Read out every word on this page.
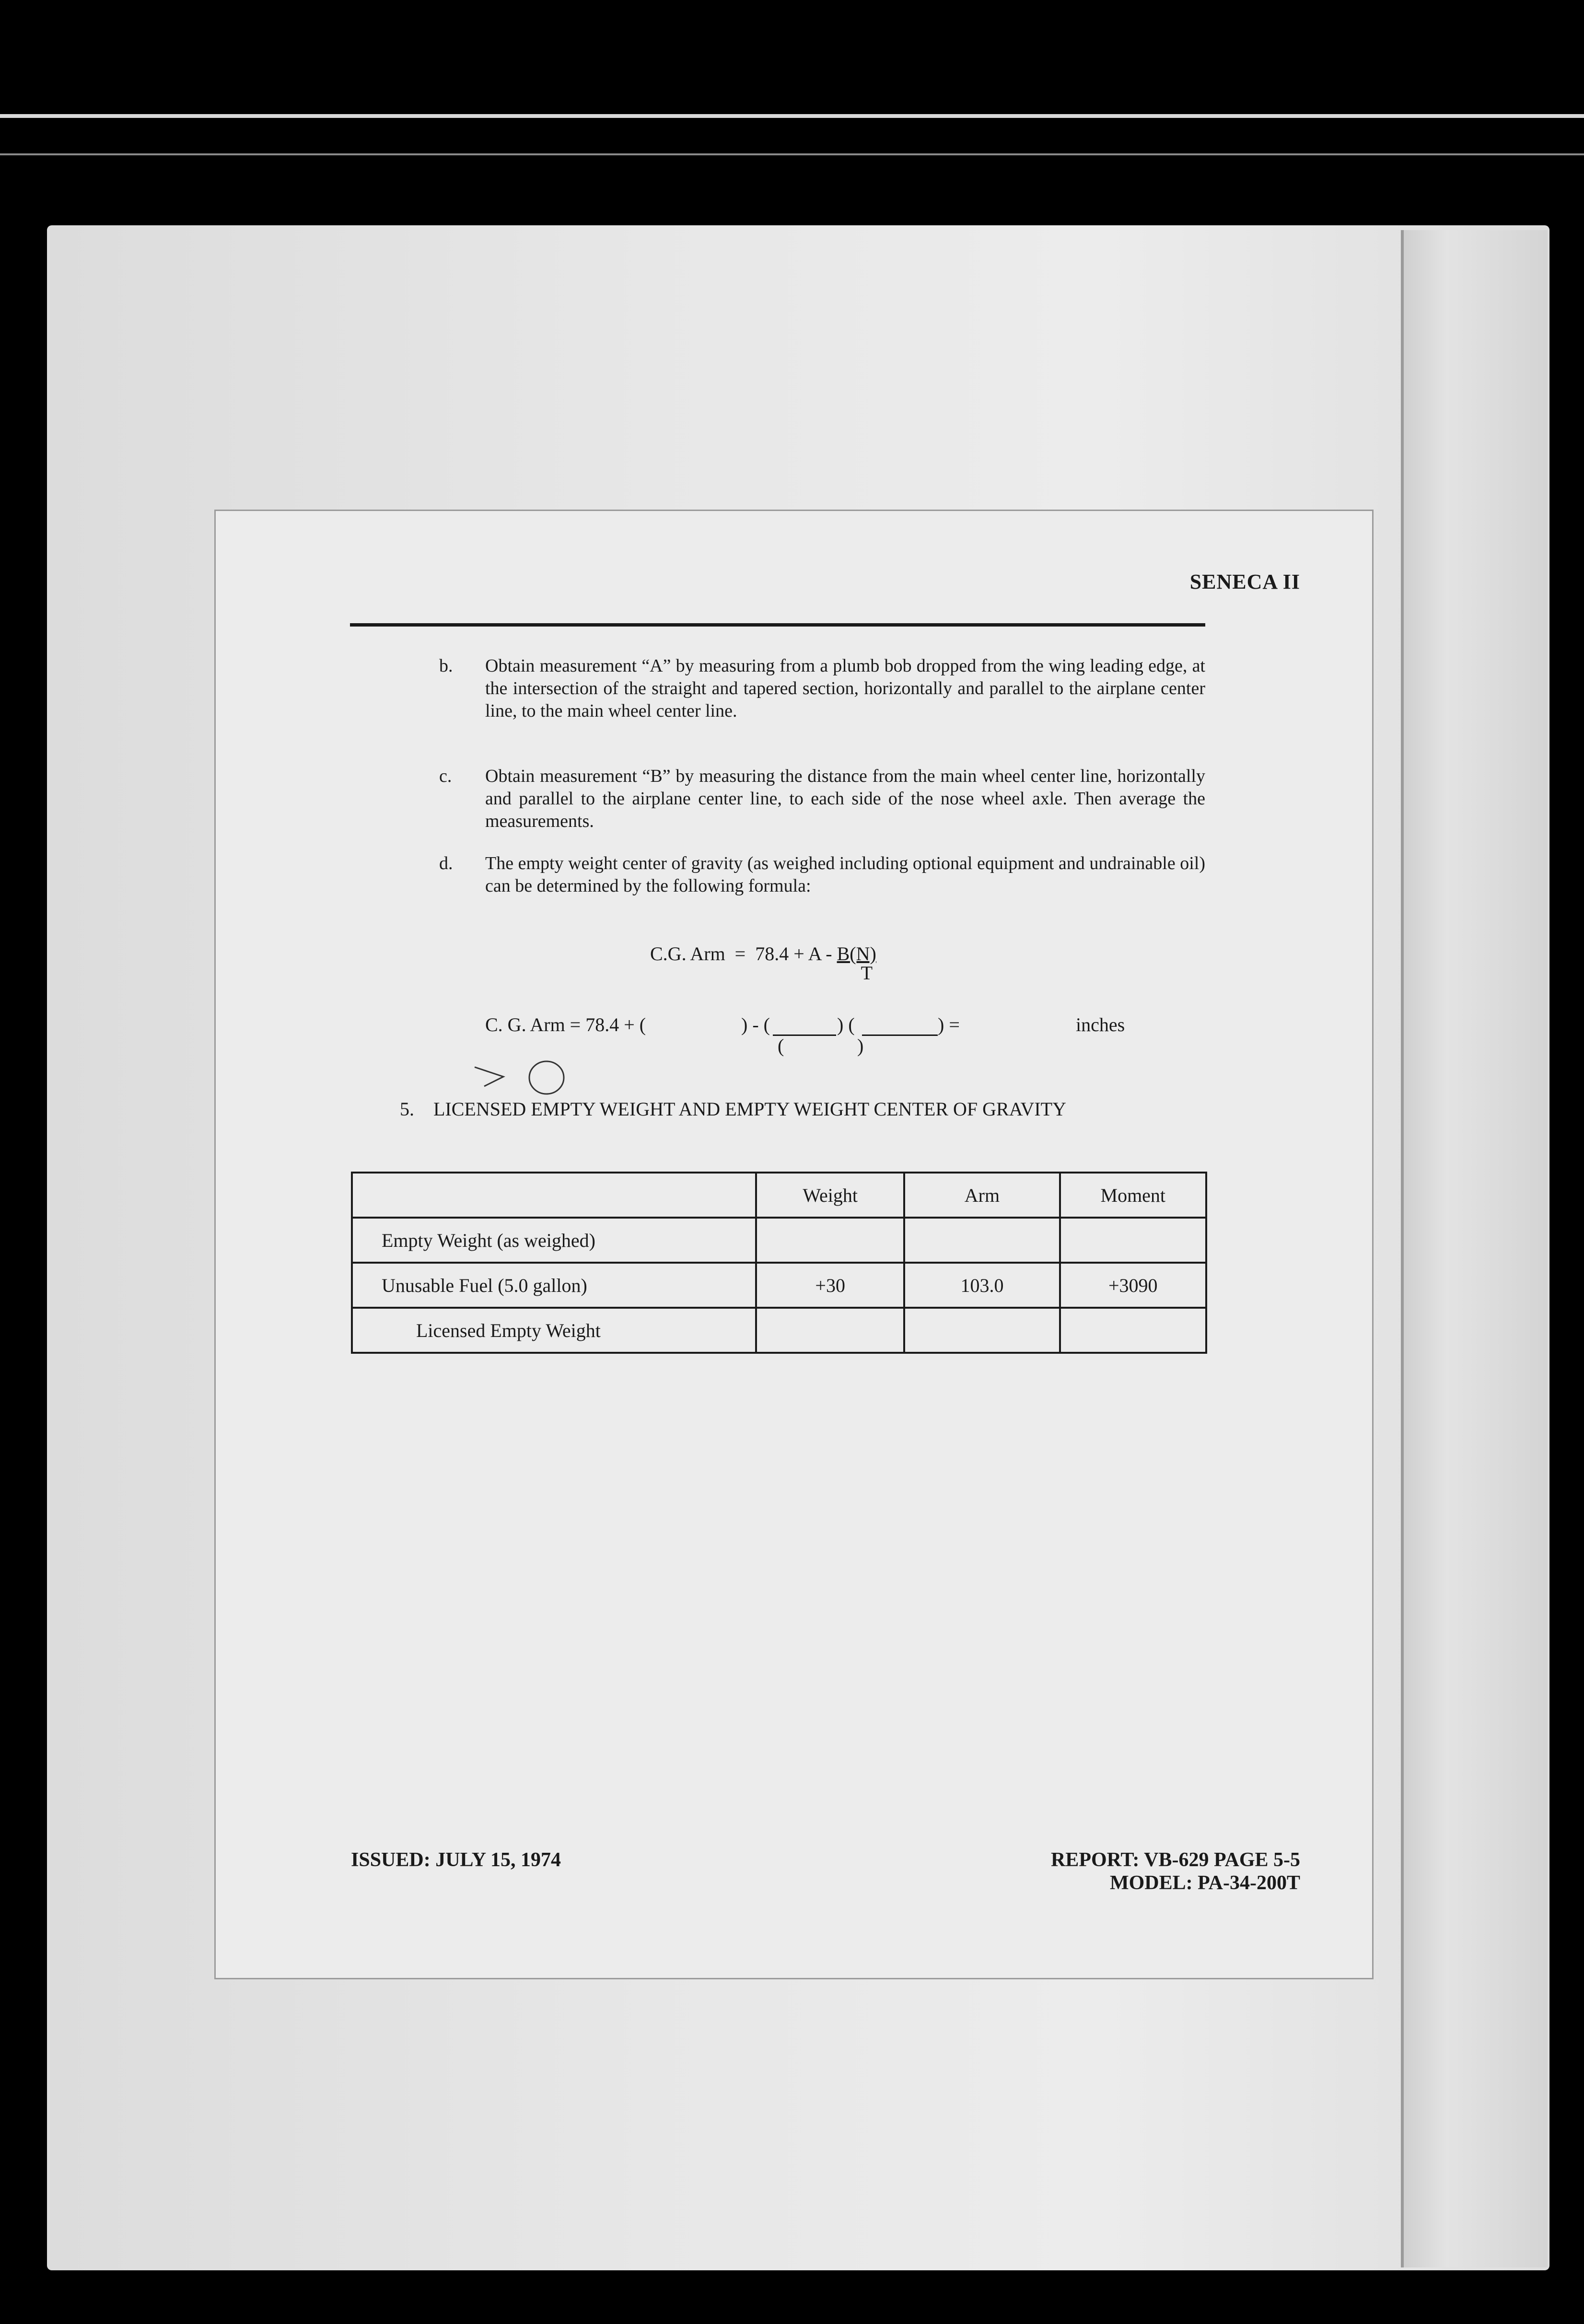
SENECA II
b. Obtain measurement “A” by measuring from a plumb bob dropped from the wing leading edge, at the intersection of the straight and tapered section, horizontally and parallel to the airplane center line, to the main wheel center line.
c. Obtain measurement “B” by measuring the distance from the main wheel center line, horizontally and parallel to the airplane center line, to each side of the nose wheel axle. Then average the measurements.
d. The empty weight center of gravity (as weighed including optional equipment and undrainable oil) can be determined by the following formula:
C.G. Arm  =  $78.4 + A - \frac{B(N)}{T}$
C. G. Arm = 78.4 + (	) - (	) (	) =
(	)
inches
5. LICENSED EMPTY WEIGHT AND EMPTY WEIGHT CENTER OF GRAVITY
	Weight	Arm	Moment
Empty Weight (as weighed)			
Unusable Fuel (5.0 gallon)	+30	103.0	+3090
Licensed Empty Weight			
ISSUED: JULY 15, 1974	REPORT: VB-629 PAGE 5-5
MODEL: PA-34-200T
